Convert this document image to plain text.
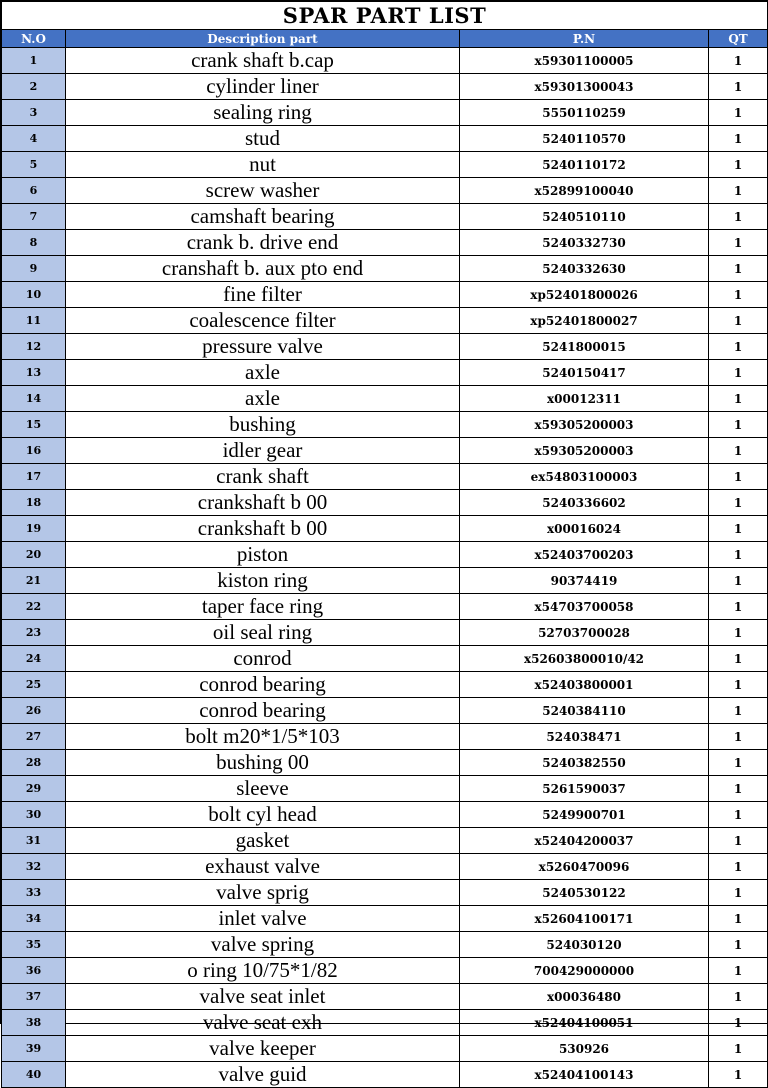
SPAR PART LIST			
N.O	Description part	P.N	QT
1	crank shaft b.cap	x59301100005	1
2	cylinder liner	x59301300043	1
3	sealing ring	5550110259	1
4	stud	5240110570	1
5	nut	5240110172	1
6	screw washer	x52899100040	1
7	camshaft bearing	5240510110	1
8	crank b. drive end	5240332730	1
9	cranshaft b. aux pto end	5240332630	1
10	fine filter	xp52401800026	1
11	coalescence filter	xp52401800027	1
12	pressure valve	5241800015	1
13	axle	5240150417	1
14	axle	x00012311	1
15	bushing	x59305200003	1
16	idler gear	x59305200003	1
17	crank shaft	ex54803100003	1
18	crankshaft b 00	5240336602	1
19	crankshaft b 00	x00016024	1
20	piston	x52403700203	1
21	kiston ring	90374419	1
22	taper face ring	x54703700058	1
23	oil seal ring	52703700028	1
24	conrod	x52603800010/42	1
25	conrod bearing	x52403800001	1
26	conrod bearing	5240384110	1
27	bolt m20*1/5*103	524038471	1
28	bushing 00	5240382550	1
29	sleeve	5261590037	1
30	bolt cyl head	5249900701	1
31	gasket	x52404200037	1
32	exhaust valve	x5260470096	1
33	valve sprig	5240530122	1
34	inlet valve	x52604100171	1
35	valve spring	524030120	1
36	o ring 10/75*1/82	700429000000	1
37	valve seat inlet	x00036480	1
38	valve seat exh	x52404100051	1
39	valve keeper	530926	1
40	valve guid	x52404100143	1
